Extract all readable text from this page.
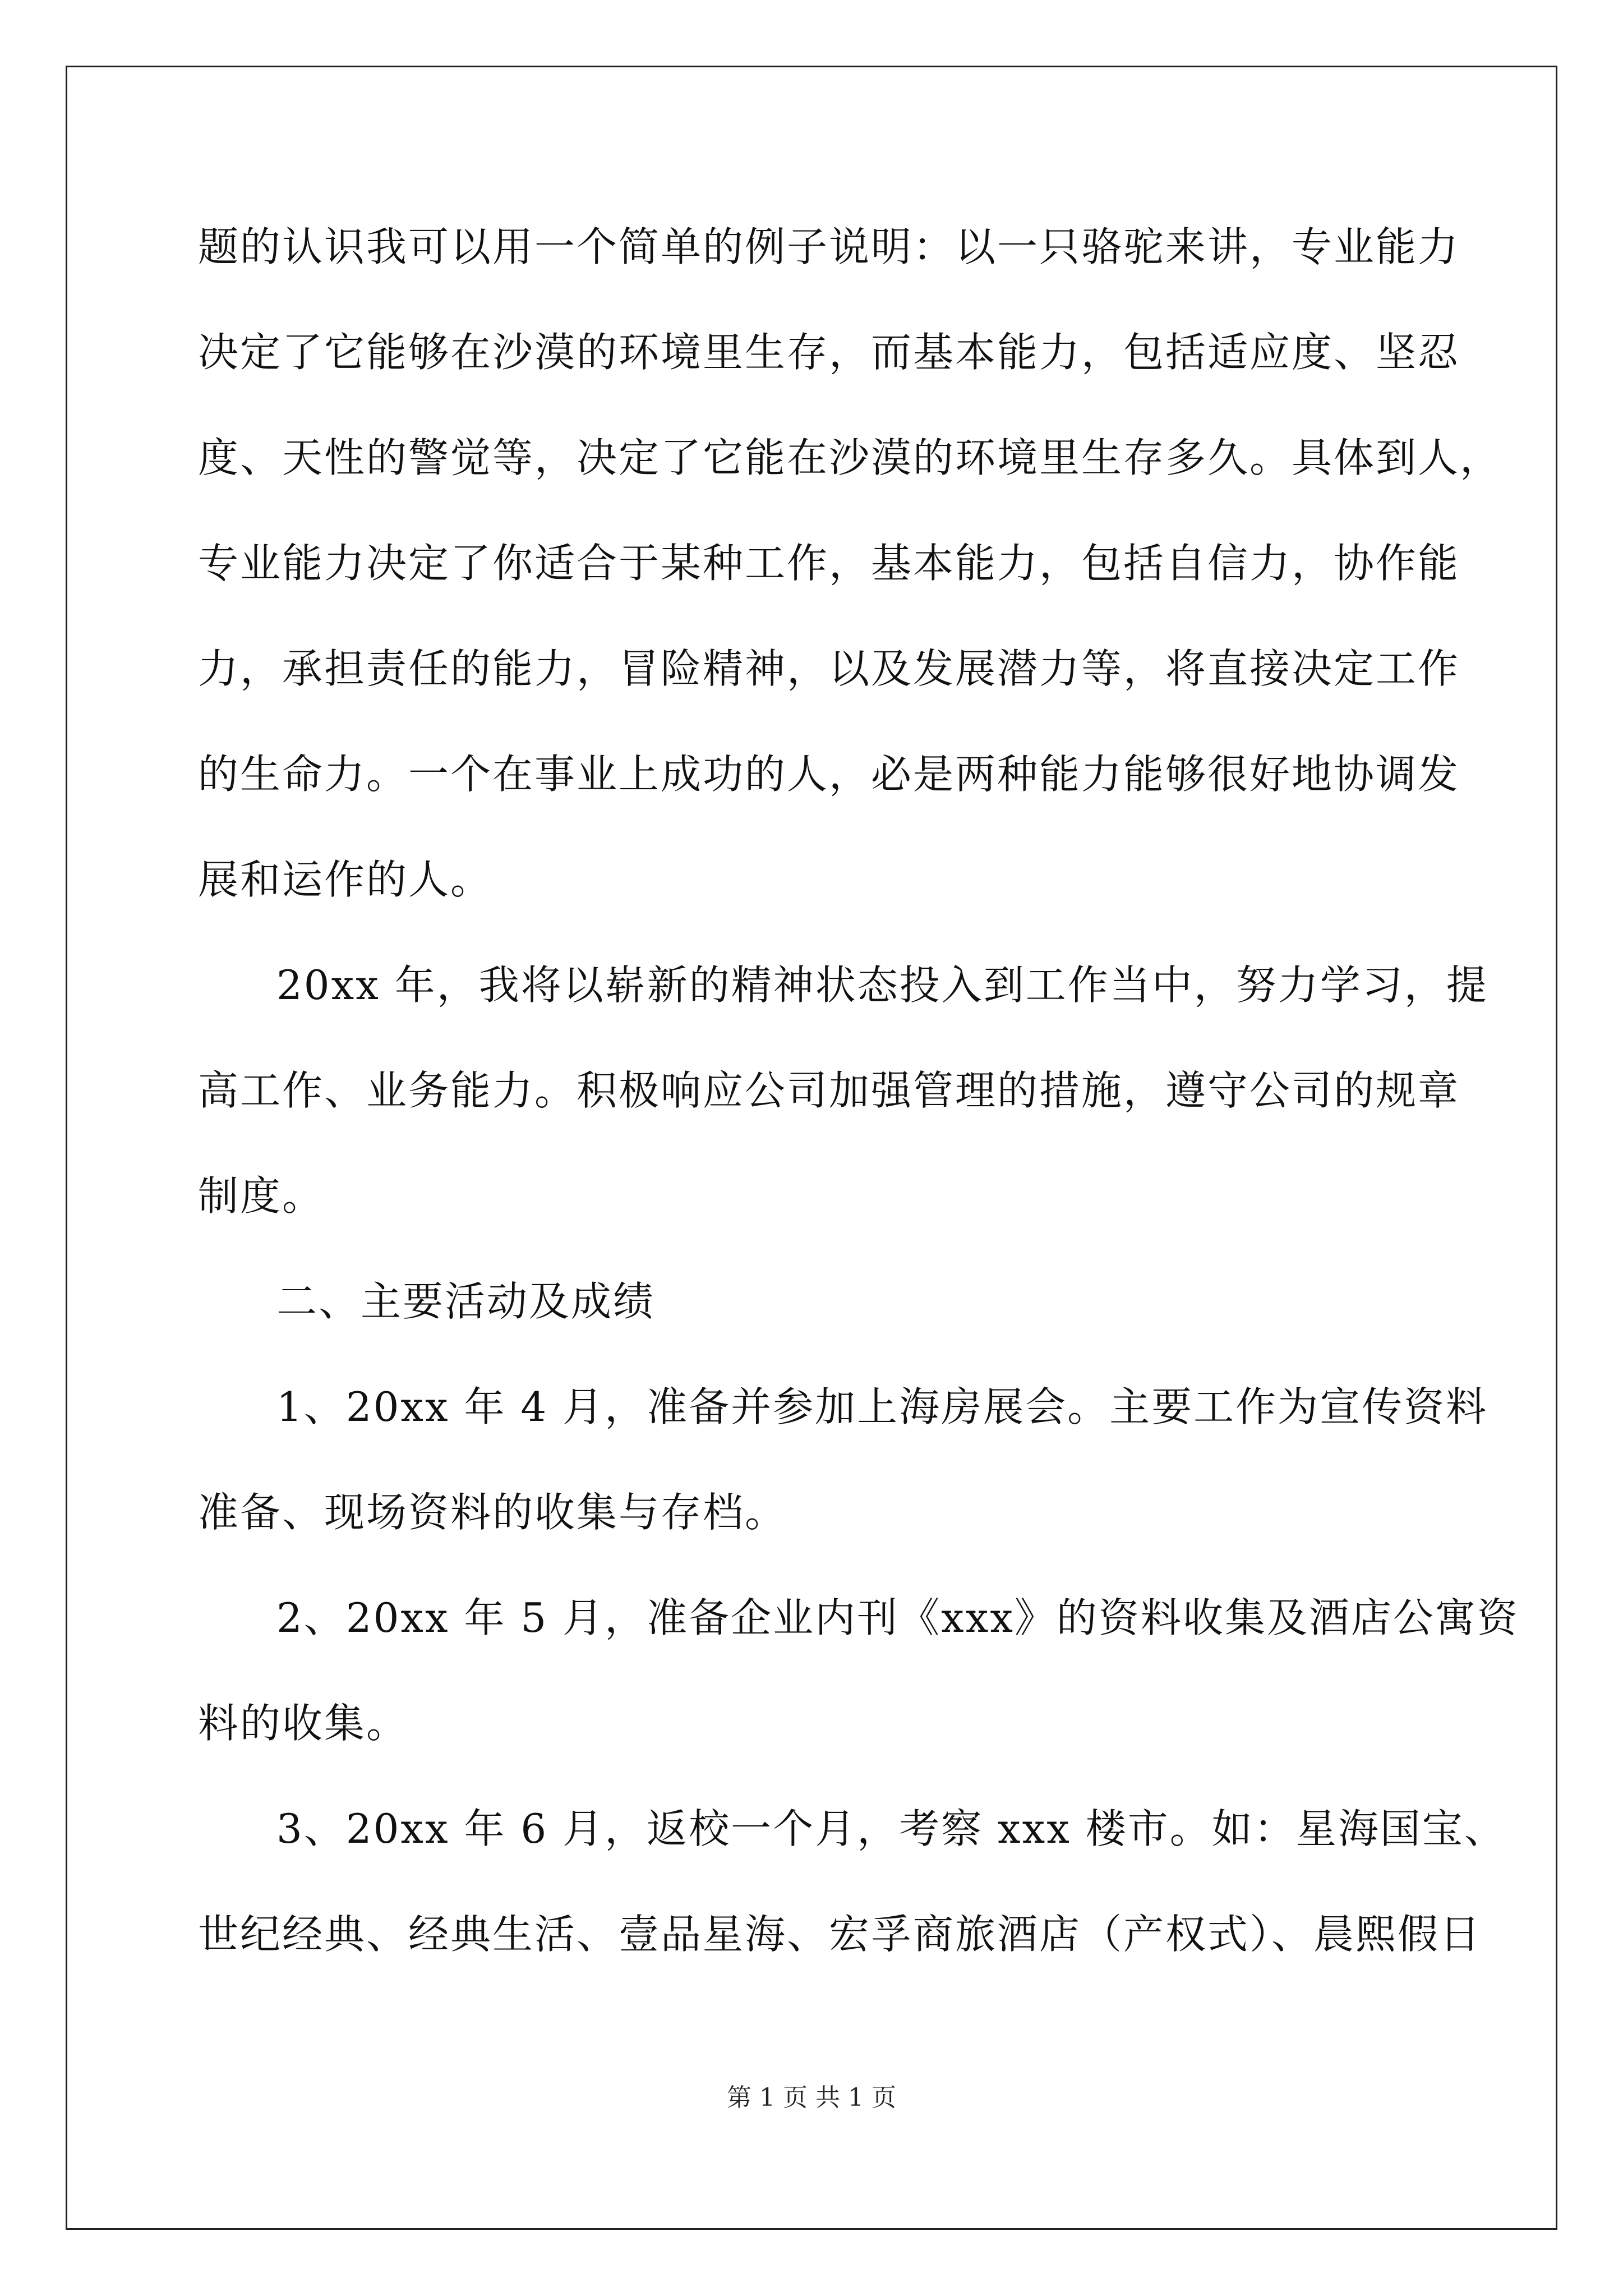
题的认识我可以用一个简单的例子说明：以一只骆驼来讲，专业能力
决定了它能够在沙漠的环境里生存，而基本能力，包括适应度、坚忍
度、天性的警觉等，决定了它能在沙漠的环境里生存多久。具体到人，
专业能力决定了你适合于某种工作，基本能力，包括自信力，协作能
力，承担责任的能力，冒险精神，以及发展潜力等，将直接决定工作
的生命力。一个在事业上成功的人，必是两种能力能够很好地协调发
展和运作的人。
20xx 年，我将以崭新的精神状态投入到工作当中，努力学习，提
高工作、业务能力。积极响应公司加强管理的措施，遵守公司的规章
制度。
二、主要活动及成绩
1、20xx 年 4 月，准备并参加上海房展会。主要工作为宣传资料
准备、现场资料的收集与存档。
2、20xx 年 5 月，准备企业内刊《xxx》的资料收集及酒店公寓资
料的收集。
3、20xx 年 6 月，返校一个月，考察 xxx 楼市。如：星海国宝、
世纪经典、经典生活、壹品星海、宏孚商旅酒店（产权式）、晨熙假日
第 1 页 共 1 页
